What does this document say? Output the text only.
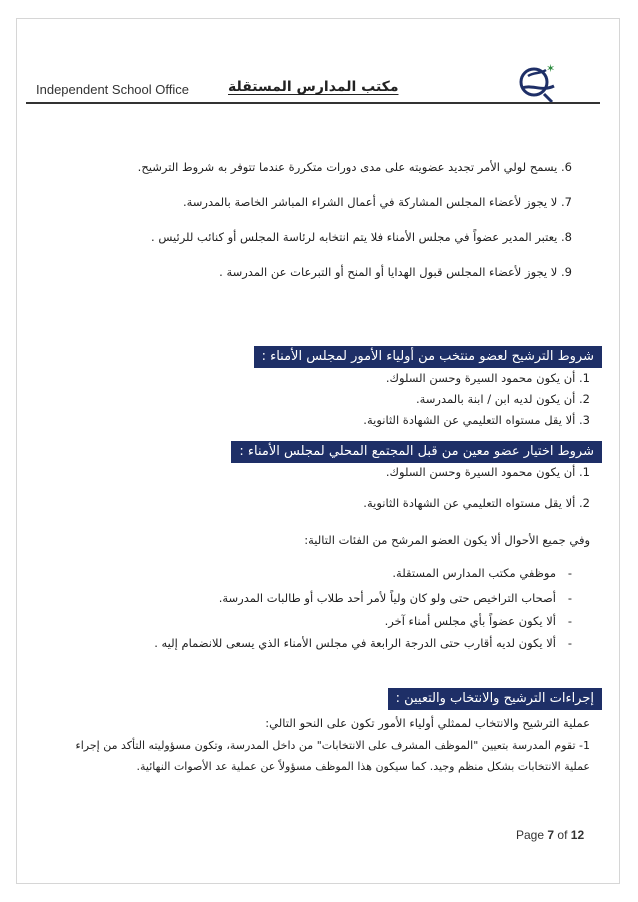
✶
Independent School Office	مكتب المدارس المستقلة
6. يسمح لولي الأمر تجديد عضويته على مدى دورات متكررة عندما تتوفر به شروط الترشيح.
7. لا يجوز لأعضاء المجلس المشاركة في أعمال الشراء المباشر الخاصة بالمدرسة.
8. يعتبر المدير عضواً في مجلس الأمناء فلا يتم انتخابه لرئاسة المجلس أو كنائب للرئيس .
9. لا يجوز لأعضاء المجلس قبول الهدايا أو المنح أو التبرعات عن المدرسة .
شروط الترشيح لعضو منتخب من أولياء الأمور لمجلس الأمناء :
1. أن يكون محمود السيرة وحسن السلوك.
2. أن يكون لديه ابن / ابنة بالمدرسة.
3. ألا يقل مستواه التعليمي عن الشهادة الثانوية.
شروط اختيار عضو معين من قبل المجتمع المحلي لمجلس الأمناء :
1. أن يكون محمود السيرة وحسن السلوك.
2. ألا يقل مستواه التعليمي عن الشهادة الثانوية.
وفي جميع الأحوال ألا يكون العضو المرشح من الفئات التالية:
موظفي مكتب المدارس المستقلة. -
أصحاب التراخيص حتى ولو كان ولياً لأمر أحد طلاب أو طالبات المدرسة. -
ألا يكون عضواً بأي مجلس أمناء آخر. -
ألا يكون لديه أقارب حتى الدرجة الرابعة في مجلس الأمناء الذي يسعى للانضمام إليه . -
إجراءات الترشيح والانتخاب والتعيين :
عملية الترشيح والانتخاب لممثلي أولياء الأمور تكون على النحو التالي:
1- تقوم المدرسة بتعيين "الموظف المشرف على الانتخابات" من داخل المدرسة، وتكون مسؤوليته التأكد من إجراء
عملية الانتخابات بشكل منظم وجيد. كما سيكون هذا الموظف مسؤولاً عن عملية عد الأصوات النهائية.
Page 7 of 12
